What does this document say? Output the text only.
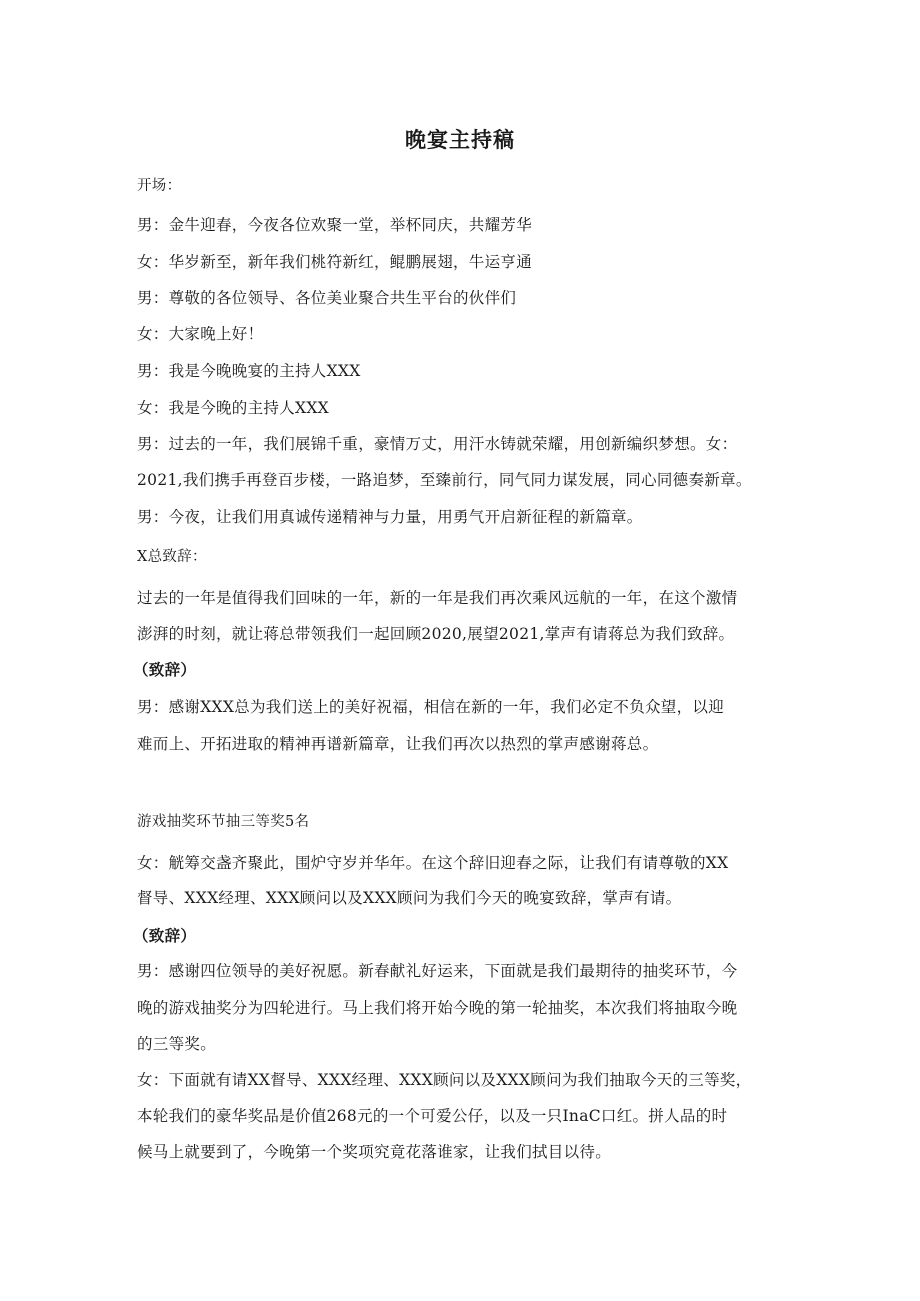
晚宴主持稿
开场：
男：金牛迎春，今夜各位欢聚一堂，举杯同庆，共耀芳华
女：华岁新至，新年我们桃符新红，鲲鹏展翅，牛运亨通
男：尊敬的各位领导、各位美业聚合共生平台的伙伴们
女：大家晚上好！
男：我是今晚晚宴的主持人XXX
女：我是今晚的主持人XXX
男：过去的一年，我们展锦千重，豪情万丈，用汗水铸就荣耀，用创新编织梦想。女：
2021,我们携手再登百步楼，一路追梦，至臻前行，同气同力谋发展，同心同德奏新章。
男：今夜，让我们用真诚传递精神与力量，用勇气开启新征程的新篇章。
X总致辞：
过去的一年是值得我们回味的一年，新的一年是我们再次乘风远航的一年，在这个激情
澎湃的时刻，就让蒋总带领我们一起回顾2020,展望2021,掌声有请蒋总为我们致辞。
（致辞）
男：感谢XXX总为我们送上的美好祝福，相信在新的一年，我们必定不负众望，以迎
难而上、开拓进取的精神再谱新篇章，让我们再次以热烈的掌声感谢蒋总。
游戏抽奖环节抽三等奖5名
女：觥筹交盏齐聚此，围炉守岁并华年。在这个辞旧迎春之际，让我们有请尊敬的XX
督导、XXX经理、XXX顾问以及XXX顾问为我们今天的晚宴致辞，掌声有请。
（致辞）
男：感谢四位领导的美好祝愿。新春献礼好运来，下面就是我们最期待的抽奖环节，今
晚的游戏抽奖分为四轮进行。马上我们将开始今晚的第一轮抽奖，本次我们将抽取今晚
的三等奖。
女：下面就有请XX督导、XXX经理、XXX顾问以及XXX顾问为我们抽取今天的三等奖，
本轮我们的豪华奖品是价值268元的一个可爱公仔，以及一只InaC口红。拼人品的时
候马上就要到了，今晚第一个奖项究竟花落谁家，让我们拭目以待。
